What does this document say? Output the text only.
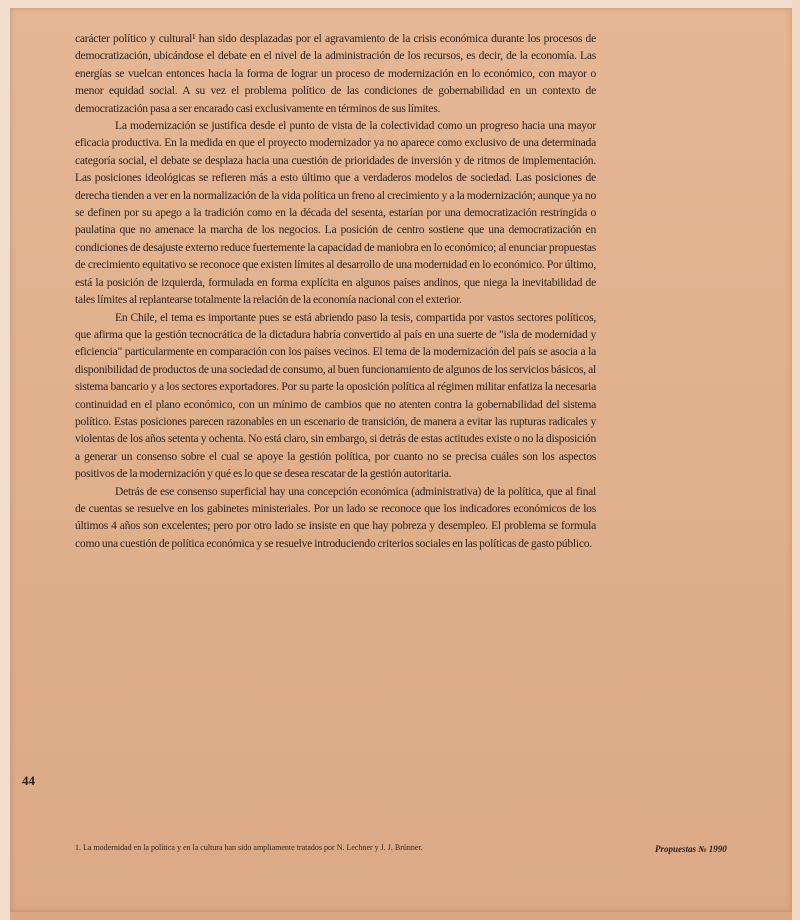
carácter político y cultural¹ han sido desplazadas por el agravamiento de la crisis económica durante los procesos de democratización, ubicándose el debate en el nivel de la administración de los recursos, es decir, de la economía. Las energías se vuelcan entonces hacia la forma de lograr un proceso de modernización en lo económico, con mayor o menor equidad social. A su vez el problema político de las condiciones de gobernabilidad en un contexto de democratización pasa a ser encarado casi exclusivamente en términos de sus límites.

La modernización se justifica desde el punto de vista de la colectividad como un progreso hacia una mayor eficacia productiva. En la medida en que el proyecto modernizador ya no aparece como exclusivo de una determinada categoría social, el debate se desplaza hacia una cuestión de prioridades de inversión y de ritmos de implementación. Las posiciones ideológicas se refieren más a esto último que a verdaderos modelos de sociedad. Las posiciones de derecha tienden a ver en la normalización de la vida política un freno al crecimiento y a la modernización; aunque ya no se definen por su apego a la tradición como en la década del sesenta, estarían por una democratización restringida o paulatina que no amenace la marcha de los negocios. La posición de centro sostiene que una democratización en condiciones de desajuste externo reduce fuertemente la capacidad de maniobra en lo económico; al enunciar propuestas de crecimiento equitativo se reconoce que existen límites al desarrollo de una modernidad en lo económico. Por último, está la posición de izquierda, formulada en forma explícita en algunos países andinos, que niega la inevitabilidad de tales límites al replantearse totalmente la relación de la economía nacional con el exterior.

En Chile, el tema es importante pues se está abriendo paso la tesis, compartida por vastos sectores políticos, que afirma que la gestión tecnocrática de la dictadura habría convertido al país en una suerte de "isla de modernidad y eficiencia" particularmente en comparación con los países vecinos. El tema de la modernización del país se asocia a la disponibilidad de productos de una sociedad de consumo, al buen funcionamiento de algunos de los servicios básicos, al sistema bancario y a los sectores exportadores. Por su parte la oposición política al régimen militar enfatiza la necesaria continuidad en el plano económico, con un mínimo de cambios que no atenten contra la gobernabilidad del sistema político. Estas posiciones parecen razonables en un escenario de transición, de manera a evitar las rupturas radicales y violentas de los años setenta y ochenta. No está claro, sin embargo, si detrás de estas actitudes existe o no la disposición a generar un consenso sobre el cual se apoye la gestión política, por cuanto no se precisa cuáles son los aspectos positivos de la modernización y qué es lo que se desea rescatar de la gestión autoritaria.

Detrás de ese consenso superficial hay una concepción económica (administrativa) de la política, que al final de cuentas se resuelve en los gabinetes ministeriales. Por un lado se reconoce que los indicadores económicos de los últimos 4 años son excelentes; pero por otro lado se insiste en que hay pobreza y desempleo. El problema se formula como una cuestión de política económica y se resuelve introduciendo criterios sociales en las políticas de gasto público.

44
1. La modernidad en la política y en la cultura han sido ampliamente tratados por N. Lechner y J. J. Brünner.	Propuestas № 1990
